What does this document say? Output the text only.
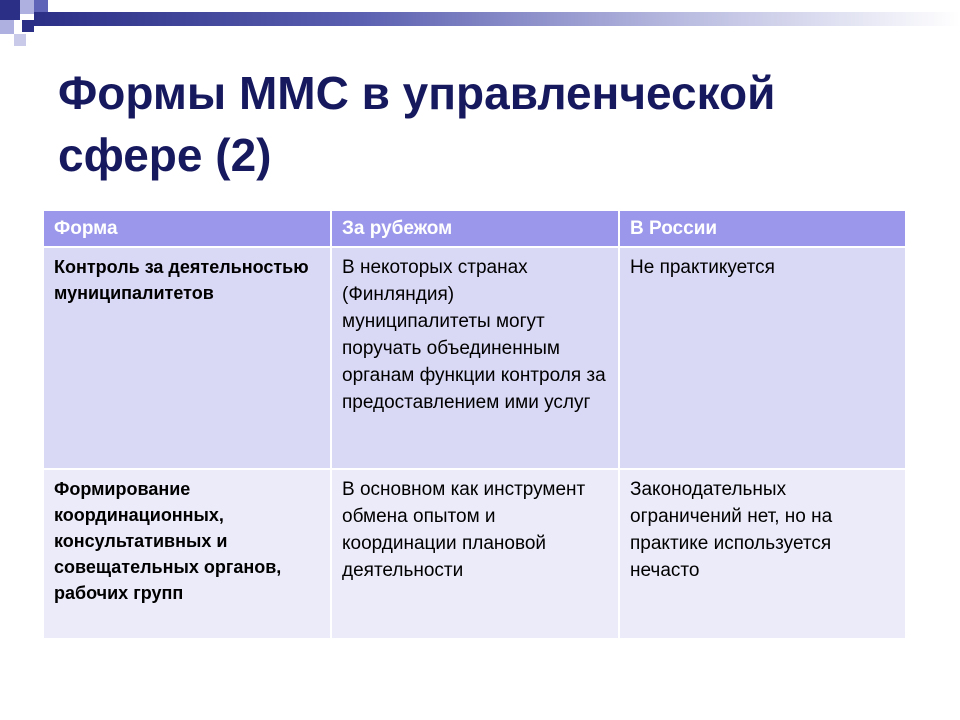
Формы ММС в управленческой
сфере (2)
Форма	За рубежом	В России
Контроль за деятельностью муниципалитетов	В некоторых странах (Финляндия) муниципалитеты могут поручать объединенным органам функции контроля за предоставлением ими услуг	Не практикуется
Формирование координационных, консультативных и совещательных органов, рабочих групп	В основном как инструмент обмена опытом и координации плановой деятельности	Законодательных ограничений нет, но на практике используется нечасто
